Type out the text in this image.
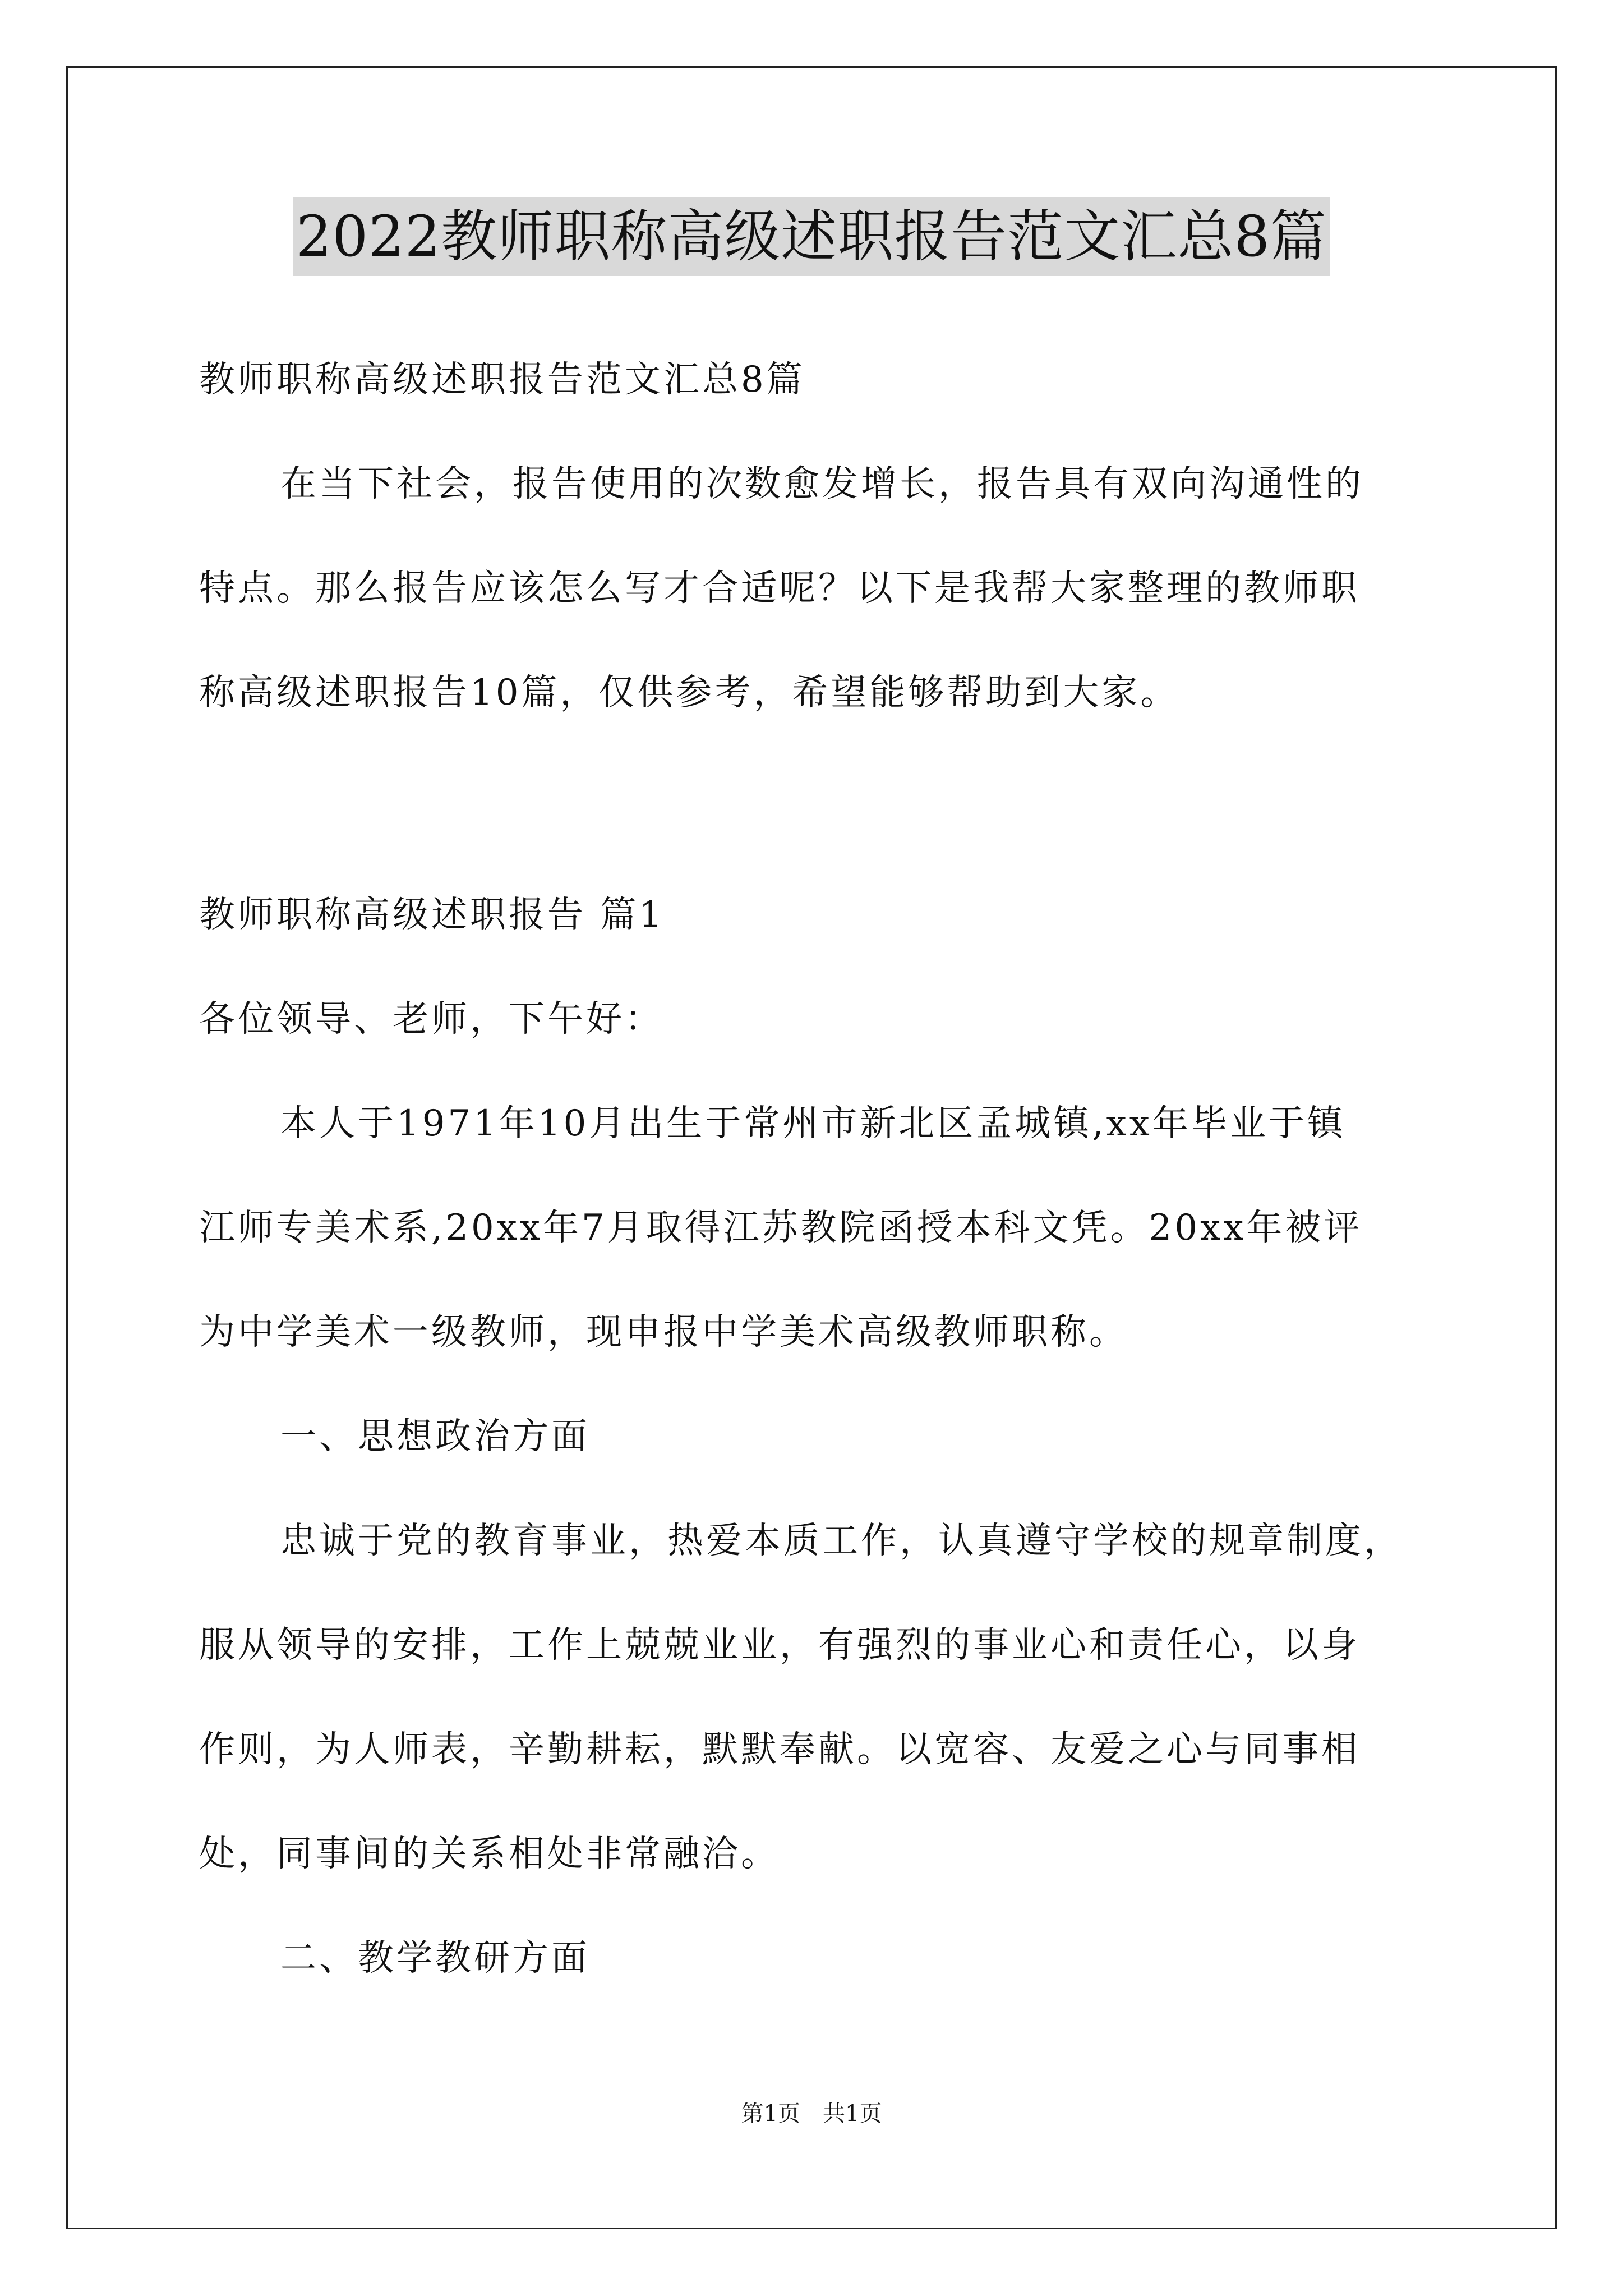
2022教师职称高级述职报告范文汇总8篇
教师职称高级述职报告范文汇总8篇
在当下社会，报告使用的次数愈发增长，报告具有双向沟通性的
特点。那么报告应该怎么写才合适呢？以下是我帮大家整理的教师职
称高级述职报告10篇，仅供参考，希望能够帮助到大家。
教师职称高级述职报告 篇1
各位领导、老师，下午好：
本人于1971年10月出生于常州市新北区孟城镇,xx年毕业于镇
江师专美术系,20xx年7月取得江苏教院函授本科文凭。20xx年被评
为中学美术一级教师，现申报中学美术高级教师职称。
一、思想政治方面
忠诚于党的教育事业，热爱本质工作，认真遵守学校的规章制度，
服从领导的安排，工作上兢兢业业，有强烈的事业心和责任心，以身
作则，为人师表，辛勤耕耘，默默奉献。以宽容、友爱之心与同事相
处，同事间的关系相处非常融洽。
二、教学教研方面
第1页　共1页
